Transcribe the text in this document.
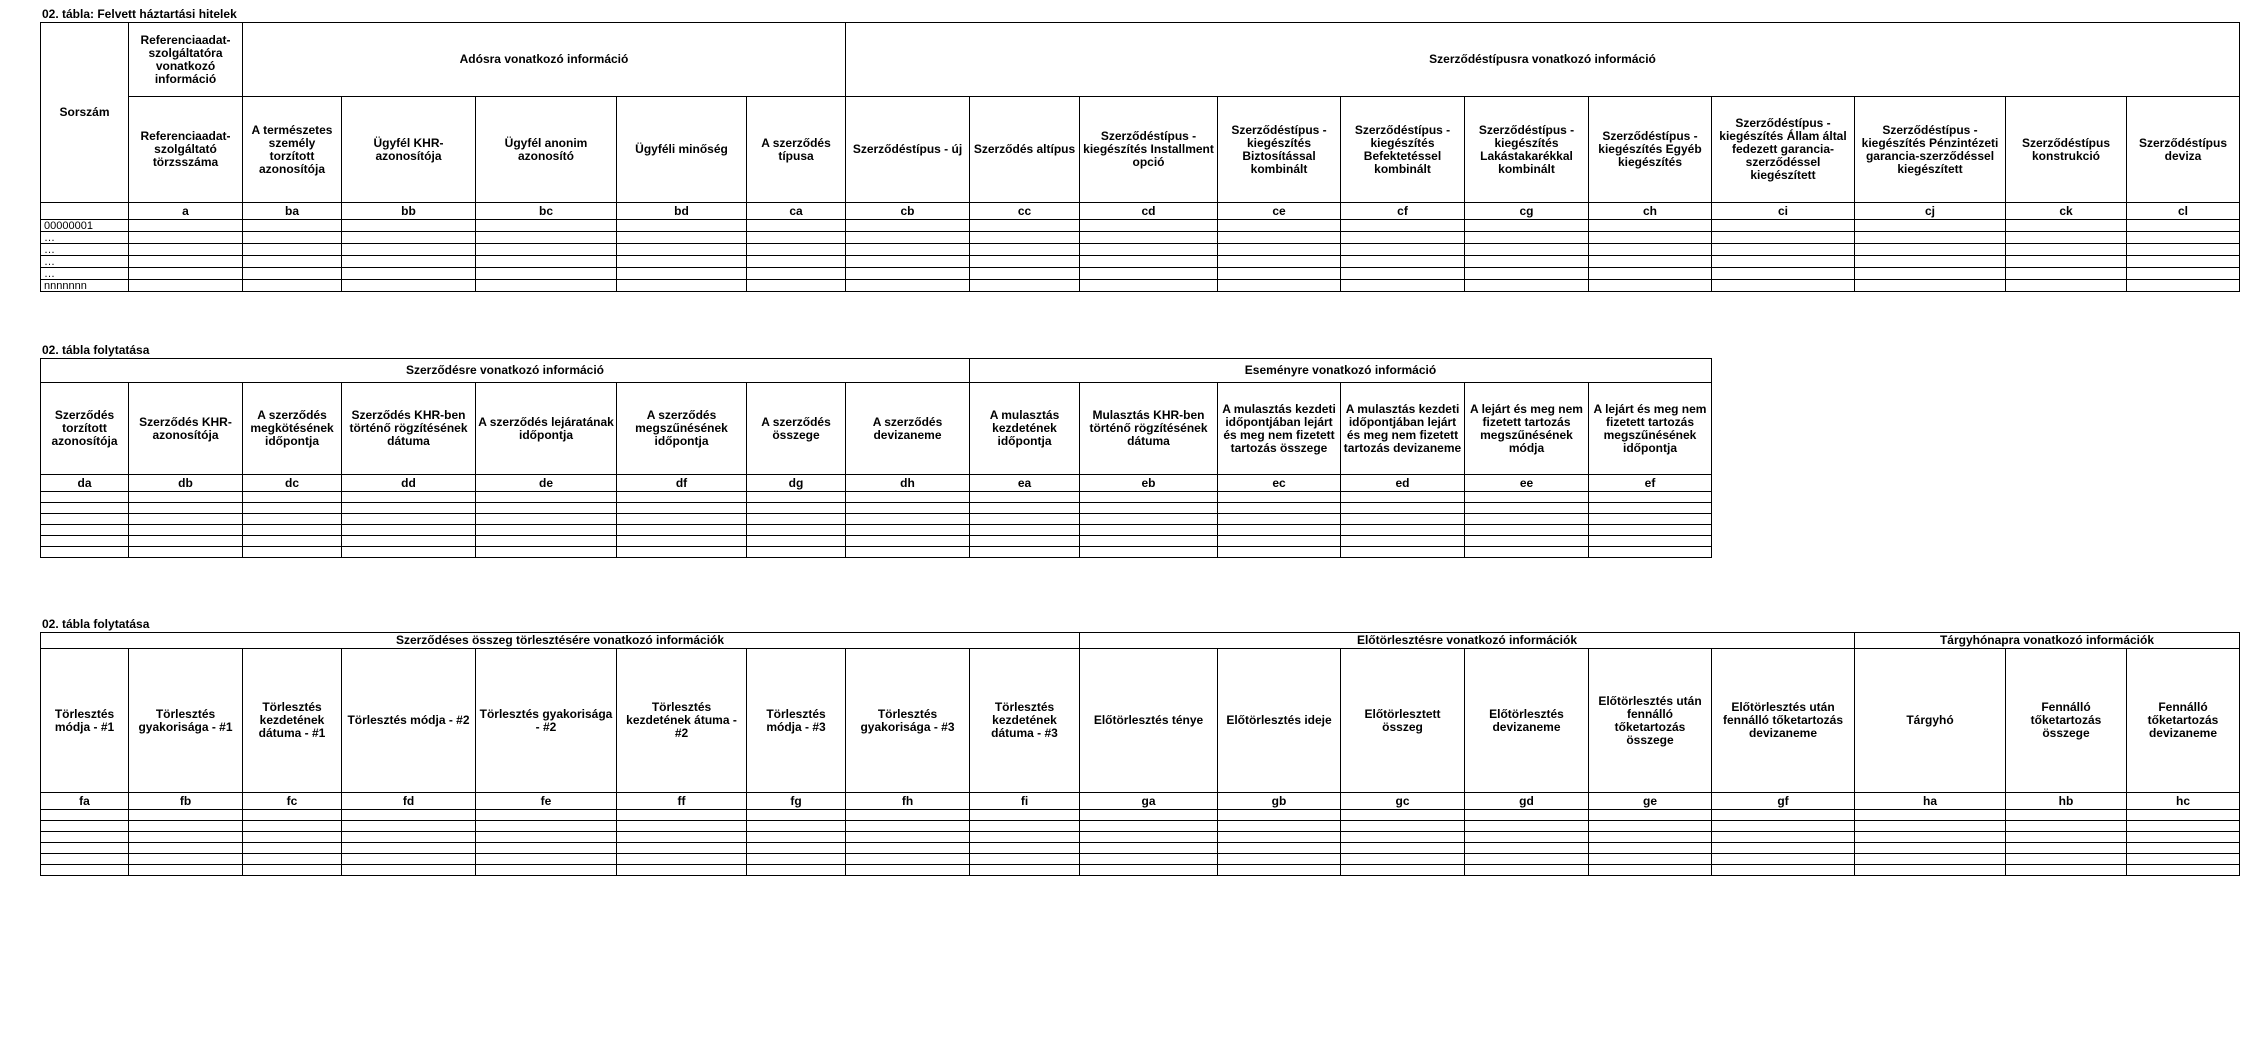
02. tábla: Felvett háztartási hitelek
Sorszám	Referenciaadat-szolgáltatóra vonatkozó információ	Adósra vonatkozó információ					Szerződéstípusra vonatkozó információ										
	Referenciaadat-szolgáltató törzsszáma	A természetes személy torzított azonosítója	Ügyfél KHR-azonosítója	Ügyfél anonim azonosító	Ügyféli minőség	A szerződés típusa	Szerződéstípus - új	Szerződés altípus	Szerződéstípus - kiegészítés Installment opció	Szerződéstípus - kiegészítés Biztosítással kombinált	Szerződéstípus - kiegészítés Befektetéssel kombinált	Szerződéstípus - kiegészítés Lakástakarékkal kombinált	Szerződéstípus - kiegészítés Egyéb kiegészítés	Szerződéstípus - kiegészítés Állam által fedezett garancia-szerződéssel kiegészített	Szerződéstípus - kiegészítés Pénzintézeti garancia-szerződéssel kiegészített	Szerződéstípus konstrukció	Szerződéstípus deviza
	a	ba	bb	bc	bd	ca	cb	cc	cd	ce	cf	cg	ch	ci	cj	ck	cl
00000001																	
…																	
…																	
…																	
…																	
nnnnnnn																	
02. tábla folytatása
Szerződésre vonatkozó információ								Eseményre vonatkozó információ					
Szerződés torzított azonosítója	Szerződés KHR-azonosítója	A szerződés megkötésének időpontja	Szerződés KHR-ben történő rögzítésének dátuma	A szerződés lejáratának időpontja	A szerződés megszűnésének időpontja	A szerződés összege	A szerződés devizaneme	A mulasztás kezdetének időpontja	Mulasztás KHR-ben történő rögzítésének dátuma	A mulasztás kezdeti időpontjában lejárt és meg nem fizetett tartozás összege	A mulasztás kezdeti időpontjában lejárt és meg nem fizetett tartozás devizaneme	A lejárt és meg nem fizetett tartozás megszűnésének módja	A lejárt és meg nem fizetett tartozás megszűnésének időpontja
da	db	dc	dd	de	df	dg	dh	ea	eb	ec	ed	ee	ef

02. tábla folytatása
Szerződéses összeg törlesztésére vonatkozó információk									Előtörlesztésre vonatkozó információk						Tárgyhónapra vonatkozó információk		
Törlesztés módja - #1	Törlesztés gyakorisága - #1	Törlesztés kezdetének dátuma - #1	Törlesztés módja - #2	Törlesztés gyakorisága - #2	Törlesztés kezdetének átuma - #2	Törlesztés módja - #3	Törlesztés gyakorisága - #3	Törlesztés kezdetének dátuma - #3	Előtörlesztés ténye	Előtörlesztés ideje	Előtörlesztett összeg	Előtörlesztés devizaneme	Előtörlesztés után fennálló tőketartozás összege	Előtörlesztés után fennálló tőketartozás devizaneme	Tárgyhó	Fennálló tőketartozás összege	Fennálló tőketartozás devizaneme
fa	fb	fc	fd	fe	ff	fg	fh	fi	ga	gb	gc	gd	ge	gf	ha	hb	hc
